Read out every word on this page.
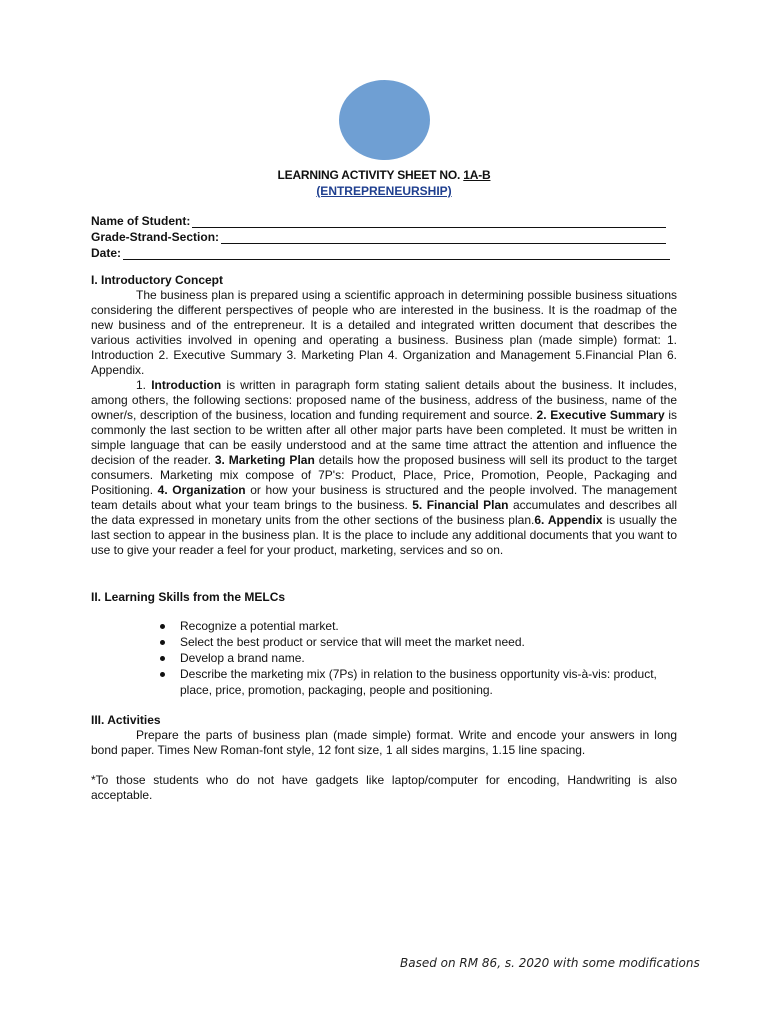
LEARNING ACTIVITY SHEET NO. 1A-B
(ENTREPRENEURSHIP)
Name of Student:
Grade-Strand-Section:
Date:
I. Introductory Concept

The business plan is prepared using a scientific approach in determining possible business situations considering the different perspectives of people who are interested in the business. It is the roadmap of the new business and of the entrepreneur. It is a detailed and integrated written document that describes the various activities involved in opening and operating a business. Business plan (made simple) format: 1. Introduction 2. Executive Summary 3. Marketing Plan 4. Organization and Management 5.Financial Plan 6. Appendix.

1. Introduction is written in paragraph form stating salient details about the business. It includes, among others, the following sections: proposed name of the business, address of the business, name of the owner/s, description of the business, location and funding requirement and source. 2. Executive Summary is commonly the last section to be written after all other major parts have been completed. It must be written in simple language that can be easily understood and at the same time attract the attention and influence the decision of the reader. 3. Marketing Plan details how the proposed business will sell its product to the target consumers. Marketing mix compose of 7P's: Product, Place, Price, Promotion, People, Packaging and Positioning. 4. Organization or how your business is structured and the people involved. The management team details about what your team brings to the business. 5. Financial Plan accumulates and describes all the data expressed in monetary units from the other sections of the business plan.6. Appendix is usually the last section to appear in the business plan. It is the place to include any additional documents that you want to use to give your reader a feel for your product, marketing, services and so on.

II. Learning Skills from the MELCs
Recognize a potential market.
Select the best product or service that will meet the market need.
Develop a brand name.
Describe the marketing mix (7Ps) in relation to the business opportunity vis-à-vis: product, place, price, promotion, packaging, people and positioning.
III. Activities

Prepare the parts of business plan (made simple) format. Write and encode your answers in long bond paper. Times New Roman-font style, 12 font size, 1 all sides margins, 1.15 line spacing.

*To those students who do not have gadgets like laptop/computer for encoding, Handwriting is also acceptable.

Based on RM 86, s. 2020 with some modifications
